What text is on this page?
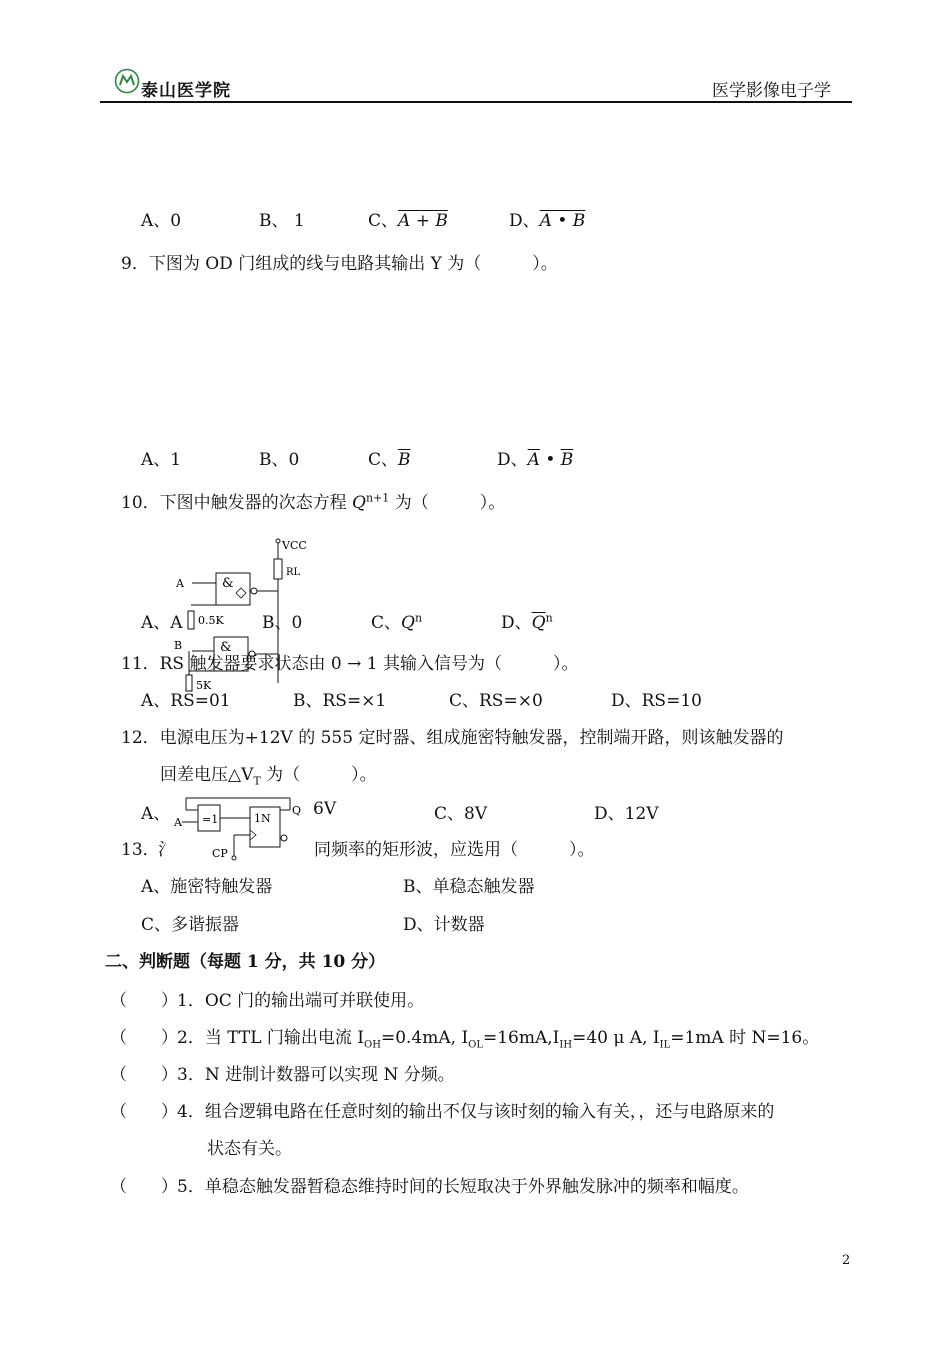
泰山医学院	医学影像电子学
A、0	B、 1	C、A + B	D、A • B
9．下图为 OD 门组成的线与电路其输出 Y 为（　　　）。
A、1	B、0	C、$\overline{B}$	D、$\overline{A}$ • $\overline{B}$
10．下图中触发器的次态方程 $Q^{n+1}$ 为（　　　）。
VCC
RL
A	&
0.5K
B	&
5K
A、A	B、0	C、$Q^n$	D、$\overline{Q}^n$
11．RS 触发器要求状态由 0 → 1 其输入信号为（　　　）。
A、RS=01	B、RS=×1	C、RS=×0	D、RS=10
12．电源电压为+12V 的 555 定时器、组成施密特触发器，控制端开路，则该触发器的
回差电压$\triangle V_T$ 为（　　　）。
A、	6V	C、8V	D、12V
A =1	1N
Q
CP
13．
氵	同频率的矩形波，应选用（　　　）。
A、施密特触发器	B、单稳态触发器
C、多谐振器	D、计数器
二、判断题（每题 1 分，共 10 分）
（　　） 1．OC 门的输出端可并联使用。
（　　） 2．当 TTL 门输出电流 $I_{OH}=0.4mA$, $I_{OL}=16mA,I_{IH}=40$ μ A, $I_{IL}=1mA$ 时 N=16。
（　　） 3．N 进制计数器可以实现 N 分频。
（　　） 4．组合逻辑电路在任意时刻的输出不仅与该时刻的输入有关，，还与电路原来的
状态有关。
（　　） 5．单稳态触发器暂稳态维持时间的长短取决于外界触发脉冲的频率和幅度。
2
